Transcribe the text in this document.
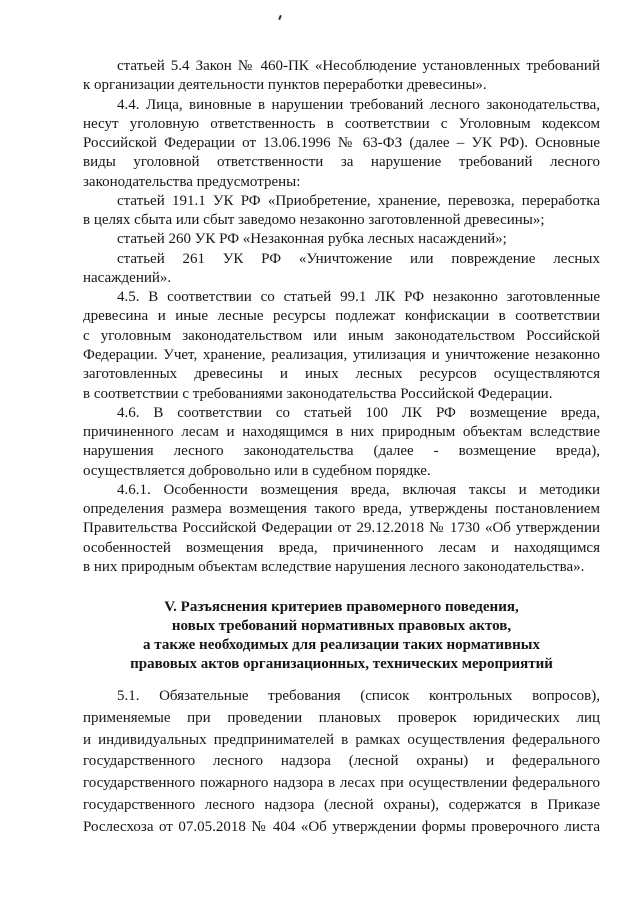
статьей 5.4 Закон № 460-ПК «Несоблюдение установленных требований
к организации деятельности пунктов переработки древесины».
4.4. Лица, виновные в нарушении требований лесного законодательства,
несут уголовную ответственность в соответствии с Уголовным кодексом
Российской Федерации от 13.06.1996 № 63-ФЗ (далее – УК РФ). Основные
виды уголовной ответственности за нарушение требований лесного
законодательства предусмотрены:
статьей 191.1 УК РФ «Приобретение, хранение, перевозка, переработка
в целях сбыта или сбыт заведомо незаконно заготовленной древесины»;
статьей 260 УК РФ «Незаконная рубка лесных насаждений»;
статьей 261 УК РФ «Уничтожение или повреждение лесных
насаждений».
4.5. В соответствии со статьей 99.1 ЛК РФ незаконно заготовленные
древесина и иные лесные ресурсы подлежат конфискации в соответствии
с уголовным законодательством или иным законодательством Российской
Федерации. Учет, хранение, реализация, утилизация и уничтожение незаконно
заготовленных древесины и иных лесных ресурсов осуществляются
в соответствии с требованиями законодательства Российской Федерации.
4.6. В соответствии со статьей 100 ЛК РФ возмещение вреда,
причиненного лесам и находящимся в них природным объектам вследствие
нарушения лесного законодательства (далее - возмещение вреда),
осуществляется добровольно или в судебном порядке.
4.6.1. Особенности возмещения вреда, включая таксы и методики
определения размера возмещения такого вреда, утверждены постановлением
Правительства Российской Федерации от 29.12.2018 № 1730 «Об утверждении
особенностей возмещения вреда, причиненного лесам и находящимся
в них природным объектам вследствие нарушения лесного законодательства».
V. Разъяснения критериев правомерного поведения,
новых требований нормативных правовых актов,
а также необходимых для реализации таких нормативных
правовых актов организационных, технических мероприятий
5.1. Обязательные требования (список контрольных вопросов),
применяемые при проведении плановых проверок юридических лиц
и индивидуальных предпринимателей в рамках осуществления федерального
государственного лесного надзора (лесной охраны) и федерального
государственного пожарного надзора в лесах при осуществлении федерального
государственного лесного надзора (лесной охраны), содержатся в Приказе
Рослесхоза от 07.05.2018 № 404 «Об утверждении формы проверочного листа
